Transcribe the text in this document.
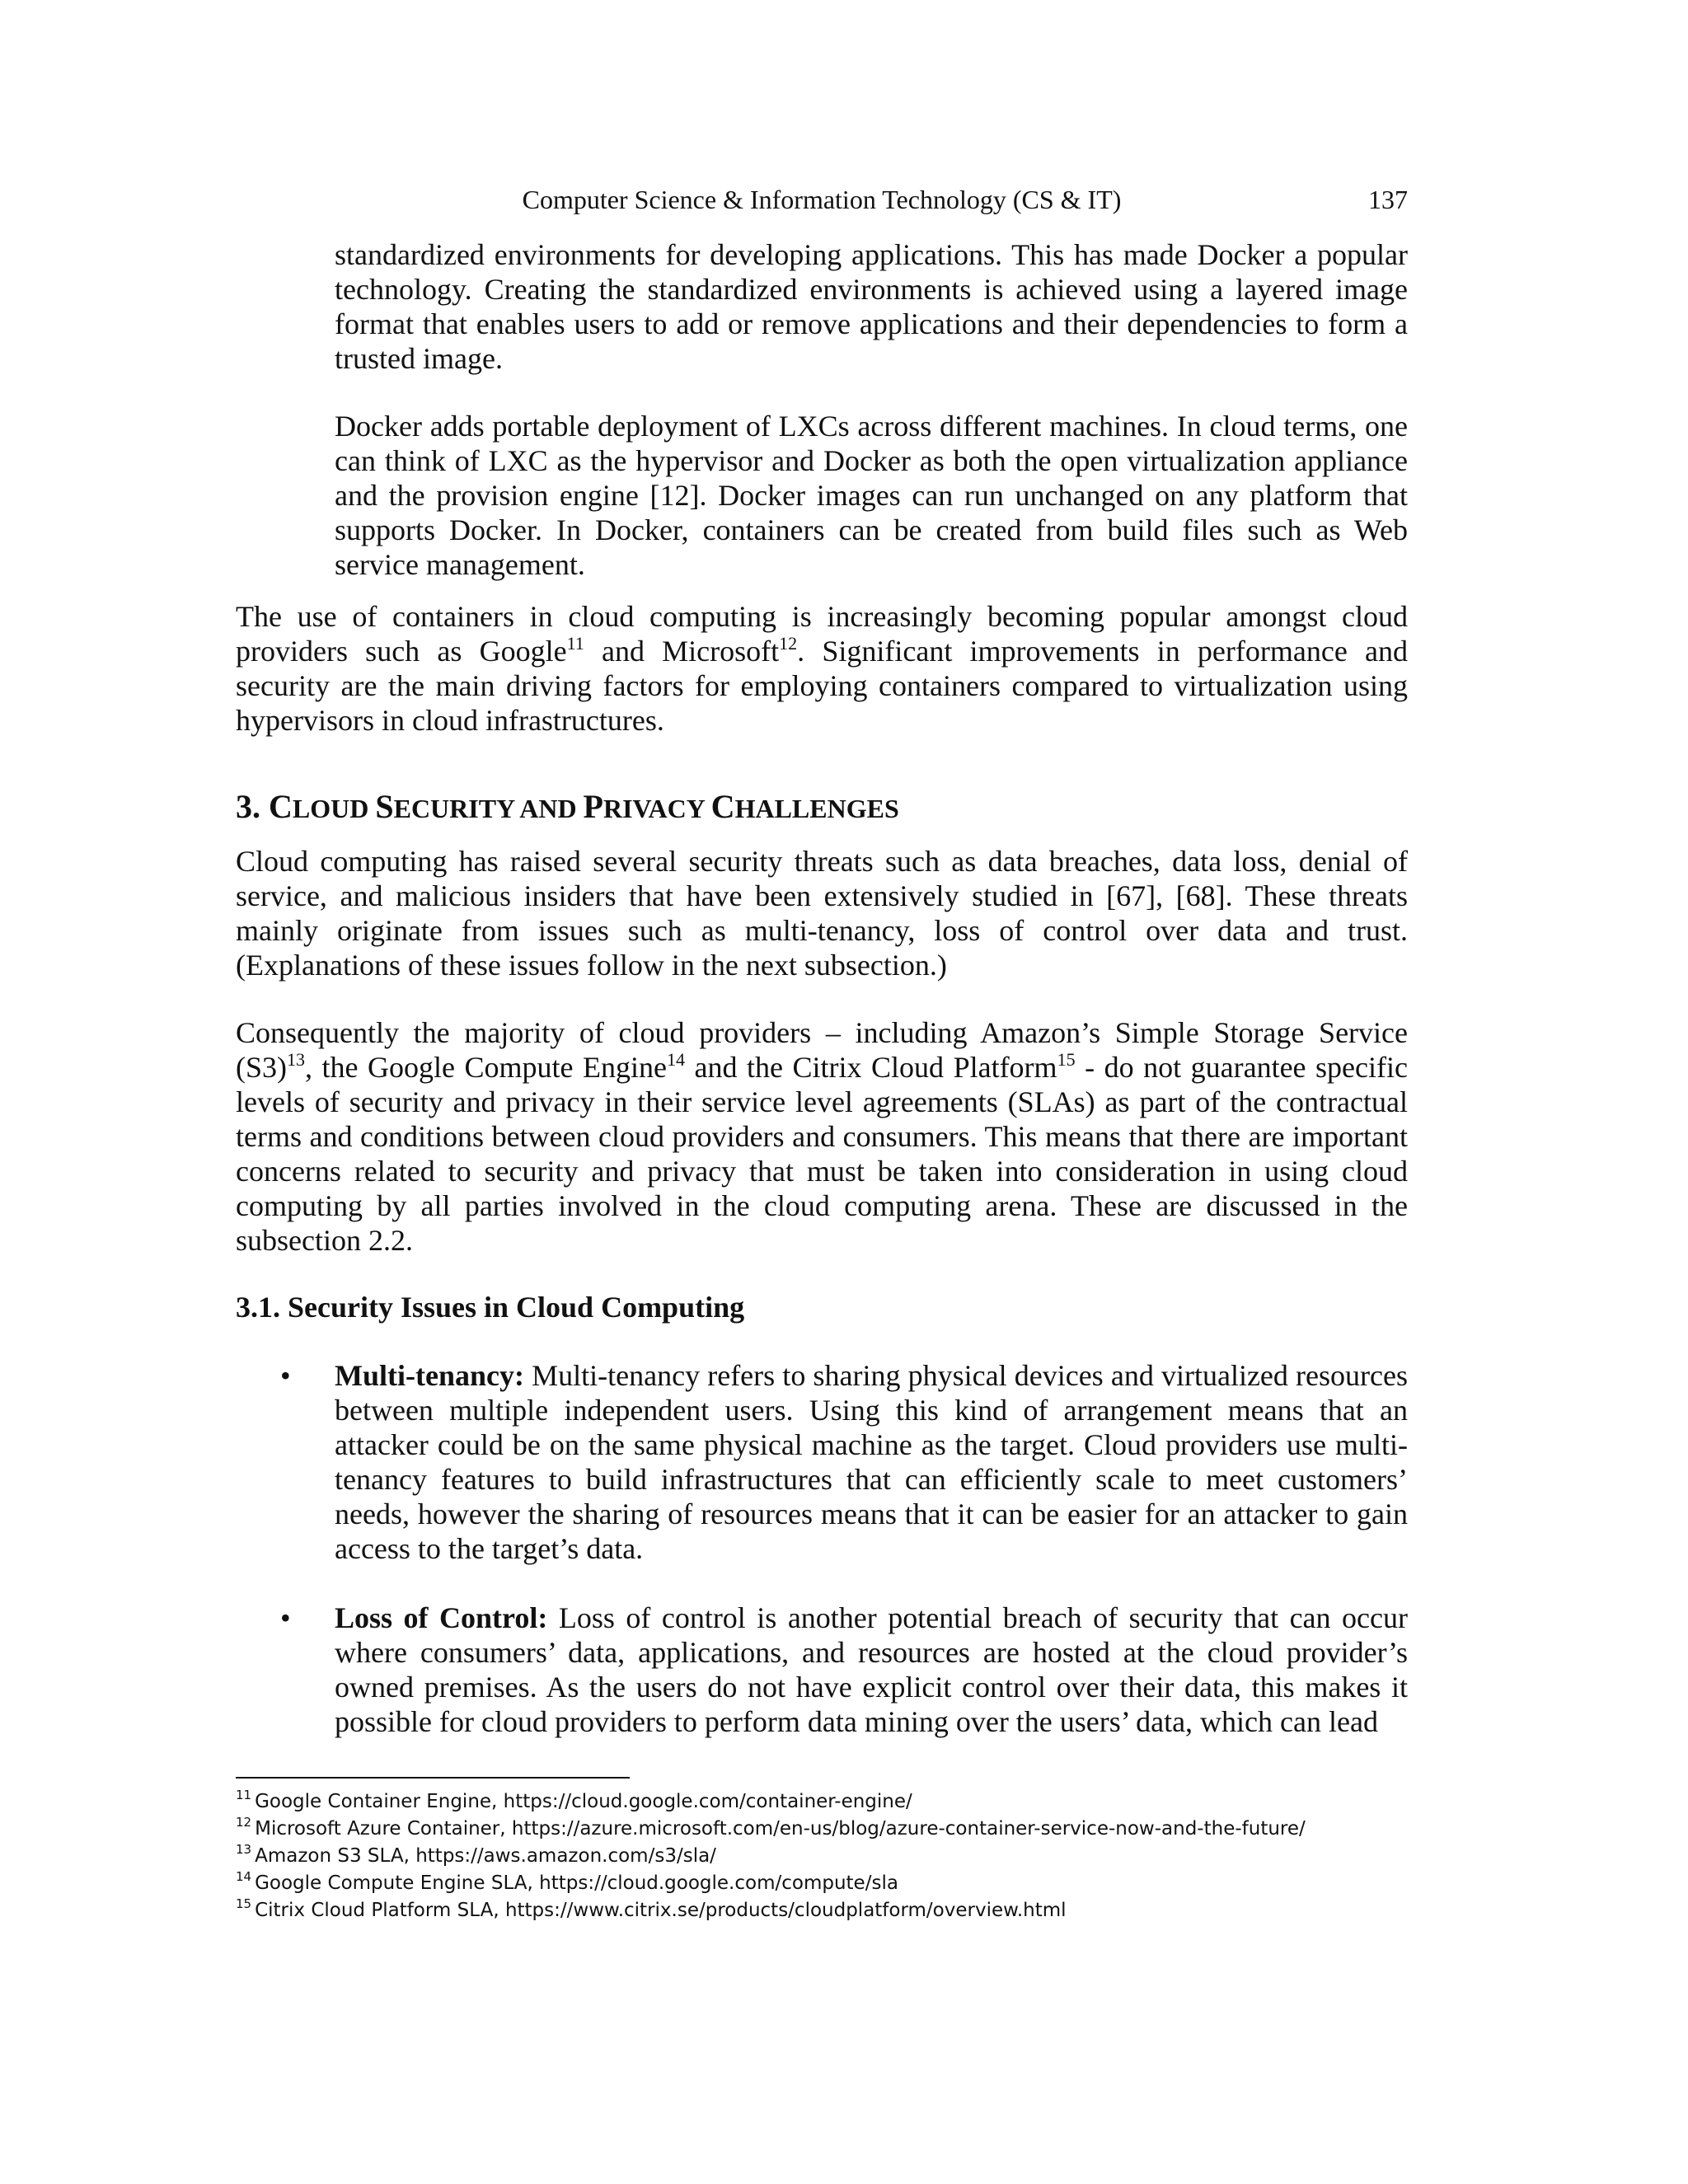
Computer Science & Information Technology (CS & IT)	137

standardized environments for developing applications. This has made Docker a popular technology. Creating the standardized environments is achieved using a layered image format that enables users to add or remove applications and their dependencies to form a trusted image.

Docker adds portable deployment of LXCs across different machines. In cloud terms, one can think of LXC as the hypervisor and Docker as both the open virtualization appliance and the provision engine [12]. Docker images can run unchanged on any platform that supports Docker. In Docker, containers can be created from build files such as Web service management.

The use of containers in cloud computing is increasingly becoming popular amongst cloud providers such as Google$^{11}$ and Microsoft$^{12}$. Significant improvements in performance and security are the main driving factors for employing containers compared to virtualization using hypervisors in cloud infrastructures.

3. CLOUD SECURITY AND PRIVACY CHALLENGES

Cloud computing has raised several security threats such as data breaches, data loss, denial of service, and malicious insiders that have been extensively studied in [67], [68]. These threats mainly originate from issues such as multi-tenancy, loss of control over data and trust. (Explanations of these issues follow in the next subsection.)

Consequently the majority of cloud providers – including Amazon’s Simple Storage Service $(S3)^{13}$, the Google Compute Engine$^{14}$ and the Citrix Cloud Platform$^{15}$ - do not guarantee specific levels of security and privacy in their service level agreements (SLAs) as part of the contractual terms and conditions between cloud providers and consumers. This means that there are important concerns related to security and privacy that must be taken into consideration in using cloud computing by all parties involved in the cloud computing arena. These are discussed in the subsection 2.2.

3.1. Security Issues in Cloud Computing
• Multi-tenancy: Multi-tenancy refers to sharing physical devices and virtualized resources between multiple independent users. Using this kind of arrangement means that an attacker could be on the same physical machine as the target. Cloud providers use multi-tenancy features to build infrastructures that can efficiently scale to meet customers’ needs, however the sharing of resources means that it can be easier for an attacker to gain access to the target’s data.

• Loss of Control: Loss of control is another potential breach of security that can occur where consumers’ data, applications, and resources are hosted at the cloud provider’s owned premises. As the users do not have explicit control over their data, this makes it possible for cloud providers to perform data mining over the users’ data, which can lead

$^{11}$ Google Container Engine, https://cloud.google.com/container-engine/

$^{12}$ Microsoft Azure Container, https://azure.microsoft.com/en-us/blog/azure-container-service-now-and-the-future/

$^{13}$ Amazon S3 SLA, https://aws.amazon.com/s3/sla/

$^{14}$ Google Compute Engine SLA, https://cloud.google.com/compute/sla

$^{15}$ Citrix Cloud Platform SLA, https://www.citrix.se/products/cloudplatform/overview.html
